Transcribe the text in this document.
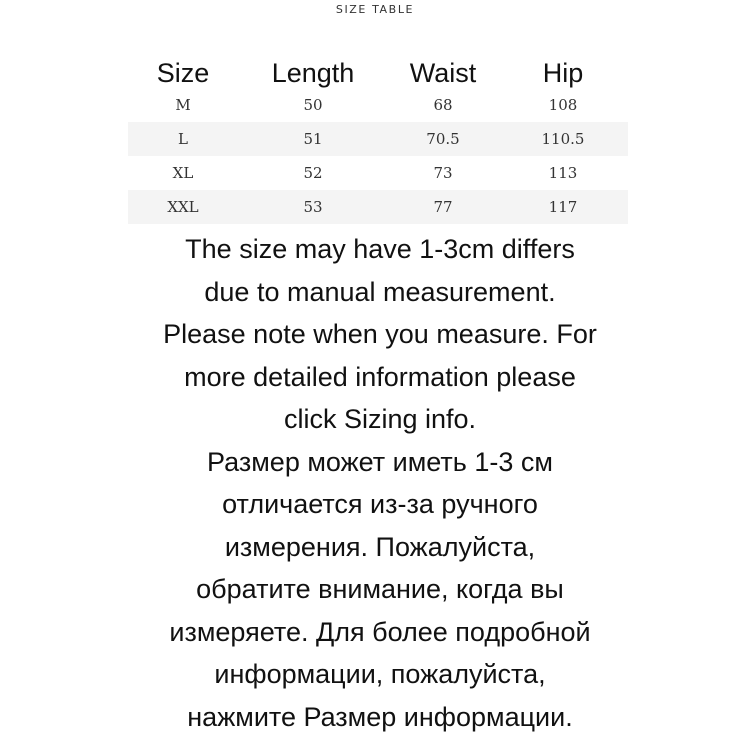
SIZE TABLE
Size	Length	Waist	Hip
M	50	68	108
L	51	70.5	110.5
XL	52	73	113
XXL	53	77	117

The size may have 1-3cm differs

due to manual measurement.

Please note when you measure. For

more detailed information please

click Sizing info.

Размер может иметь 1-3 см

отличается из-за ручного

измерения. Пожалуйста,

обратите внимание, когда вы

измеряете. Для более подробной

информации, пожалуйста,

нажмите Размер информации.
